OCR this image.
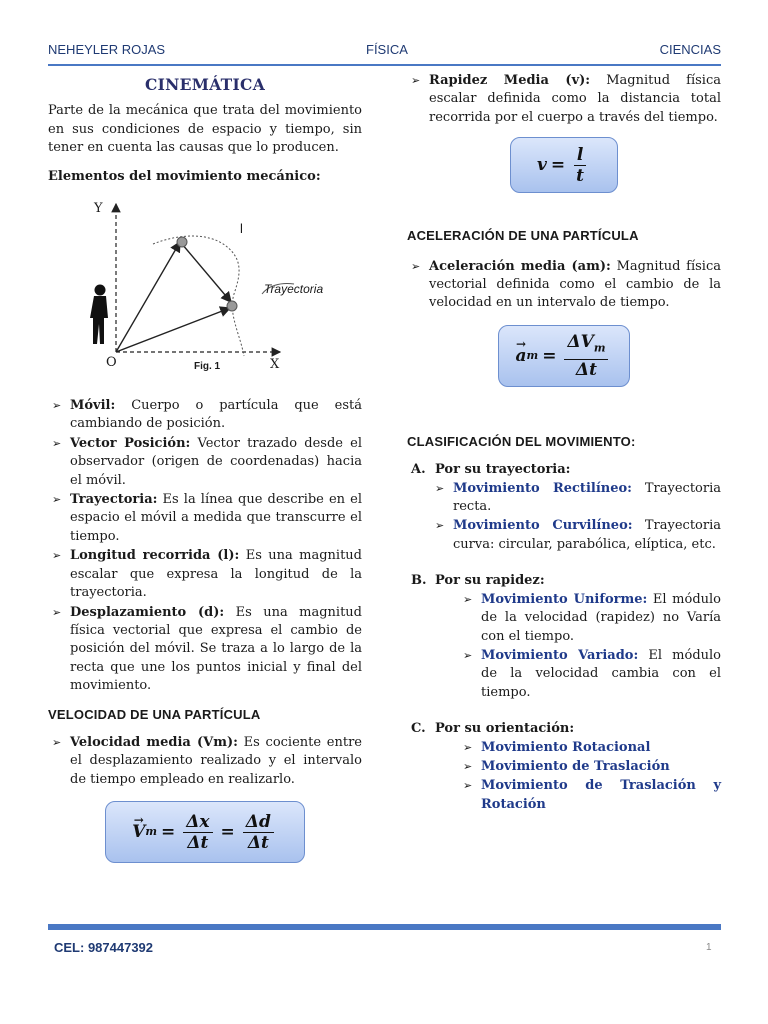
NEHEYLER ROJAS	FÍSICA	CIENCIAS
CINEMÁTICA
Parte de la mecánica que trata del movimiento en sus condiciones de espacio y tiempo, sin tener en cuenta las causas que lo producen.
Elementos del movimiento mecánico:
Y
X
O
l
Trayectoria
Fig. 1
➢ Móvil: Cuerpo o partícula que está cambiando de posición.
➢ Vector Posición: Vector trazado desde el observador (origen de coordenadas) hacia el móvil.
➢ Trayectoria: Es la línea que describe en el espacio el móvil a medida que transcurre el tiempo.
➢ Longitud recorrida (l): Es una magnitud escalar que expresa la longitud de la trayectoria.
➢ Desplazamiento (d): Es una magnitud física vectorial que expresa el cambio de posición del móvil. Se traza a lo largo de la recta que une los puntos inicial y final del movimiento.
VELOCIDAD DE UNA PARTÍCULA
➢ Velocidad media (Vm): Es cociente entre el desplazamiento realizado y el intervalo de tiempo empleado en realizarlo.
→ V $m = \frac{\Delta x}{\Delta t} = \frac{\Delta d}{\Delta t}$
➢ Rapidez Media (v): Magnitud física escalar definida como la distancia total recorrida por el cuerpo a través del tiempo.
$v = \frac{l}{t}$
ACELERACIÓN DE UNA PARTÍCULA
➢ Aceleración media (am): Magnitud física vectorial definida como el cambio de la velocidad en un intervalo de tiempo.
→ a $m = \frac{\Delta V_m}{\Delta t}$
CLASIFICACIÓN DEL MOVIMIENTO:
A. Por su trayectoria:
➢ Movimiento Rectilíneo: Trayectoria recta.
➢ Movimiento Curvilíneo: Trayectoria curva: circular, parabólica, elíptica, etc.
B. Por su rapidez:
➢ Movimiento Uniforme: El módulo de la velocidad (rapidez) no Varía con el tiempo.
➢ Movimiento Variado: El módulo de la velocidad cambia con el tiempo.
C. Por su orientación:
➢ Movimiento Rotacional
➢ Movimiento de Traslación
➢ Movimiento de Traslación y Rotación
CEL: 987447392	1
